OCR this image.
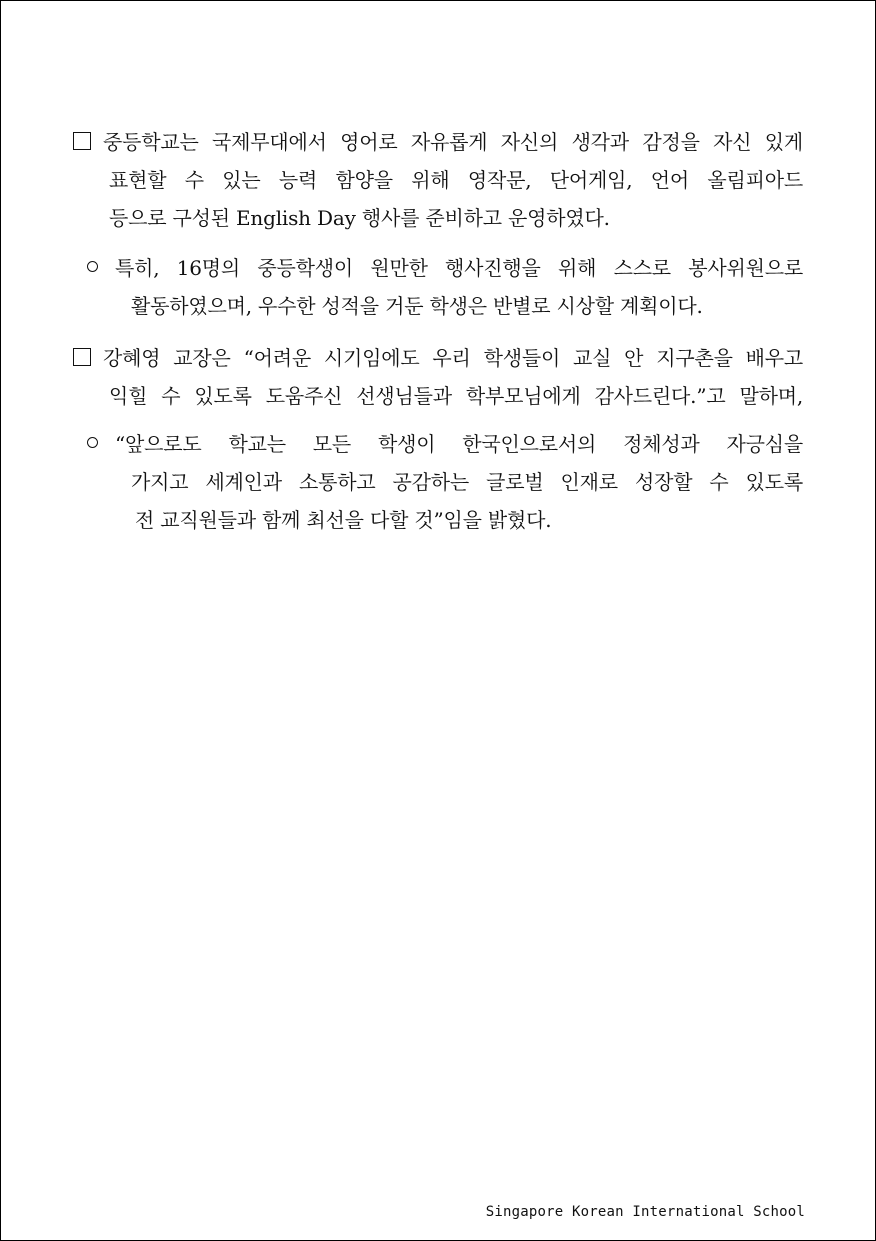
중등학교는 국제무대에서 영어로 자유롭게 자신의 생각과 감정을 자신 있게
표현할 수 있는 능력 함양을 위해 영작문, 단어게임, 언어 올림피아드
등으로 구성된 English Day 행사를 준비하고 운영하였다.
특히, 16명의 중등학생이 원만한 행사진행을 위해 스스로 봉사위원으로
활동하였으며, 우수한 성적을 거둔 학생은 반별로 시상할 계획이다.
강혜영 교장은 “어려운 시기임에도 우리 학생들이 교실 안 지구촌을 배우고
익힐 수 있도록 도움주신 선생님들과 학부모님에게 감사드린다.”고 말하며,
“앞으로도 학교는 모든 학생이 한국인으로서의 정체성과 자긍심을
가지고 세계인과 소통하고 공감하는 글로벌 인재로 성장할 수 있도록
전 교직원들과 함께 최선을 다할 것”임을 밝혔다.
Singapore Korean International School
